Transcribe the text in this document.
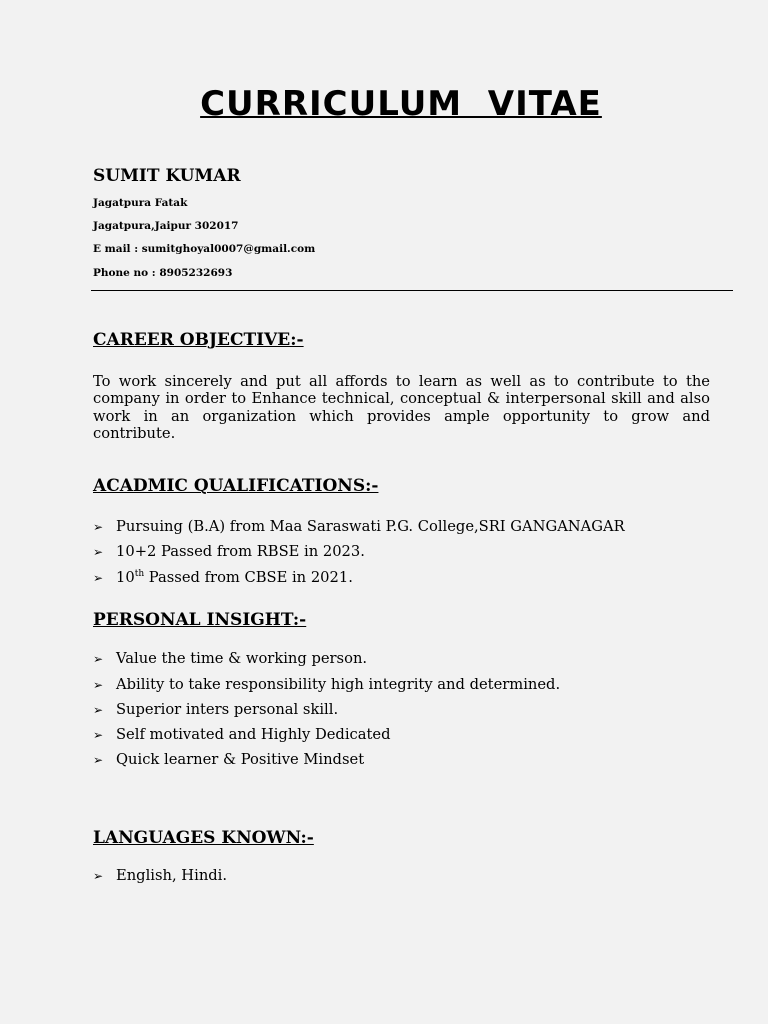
CURRICULUM  VITAE
SUMIT KUMAR
Jagatpura Fatak
Jagatpura,Jaipur 302017
E mail : sumitghoyal0007@gmail.com
Phone no : 8905232693
CAREER OBJECTIVE:-
To work sincerely and put all affords to learn as well as to contribute to the company in order to Enhance technical, conceptual & interpersonal skill and also work in an organization which provides ample opportunity to grow and contribute.
ACADMIC QUALIFICATIONS:-
➢ Pursuing (B.A) from Maa Saraswati P.G. College,SRI GANGANAGAR
➢ 10+2 Passed from RBSE in 2023.
➢ 10th Passed from CBSE in 2021.
PERSONAL INSIGHT:-
➢ Value the time & working person.
➢ Ability to take responsibility high integrity and determined.
➢ Superior inters personal skill.
➢ Self motivated and Highly Dedicated
➢ Quick learner & Positive Mindset
LANGUAGES KNOWN:-
➢ English, Hindi.
